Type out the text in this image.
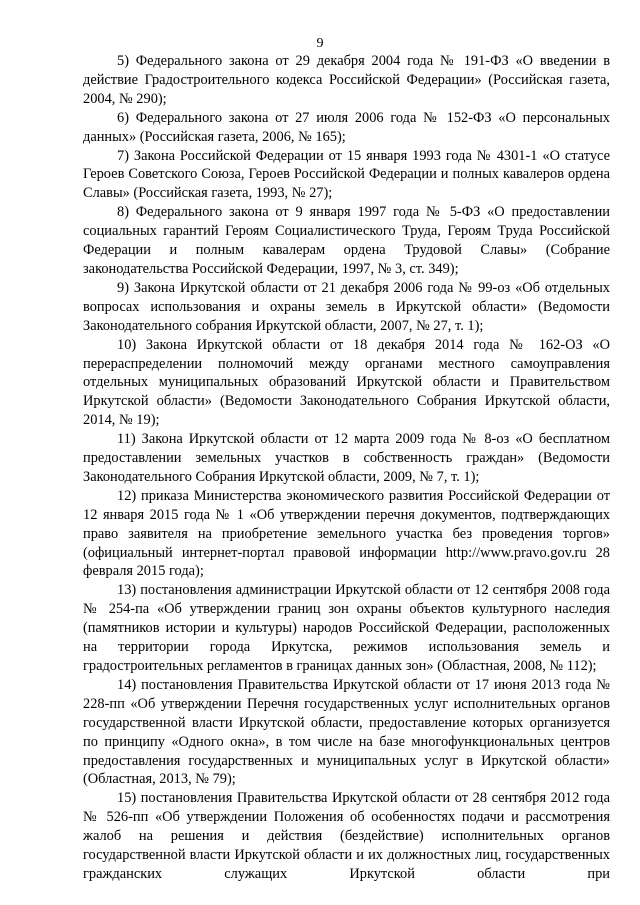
9

5) Федерального закона от 29 декабря 2004 года № 191-ФЗ «О введении в действие Градостроительного кодекса Российской Федерации» (Российская газета, 2004, № 290);

6) Федерального закона от 27 июля 2006 года № 152-ФЗ «О персональных данных» (Российская газета, 2006, № 165);

7) Закона Российской Федерации от 15 января 1993 года № 4301-1 «О статусе Героев Советского Союза, Героев Российской Федерации и полных кавалеров ордена Славы» (Российская газета, 1993, № 27);

8) Федерального закона от 9 января 1997 года № 5-ФЗ «О предоставлении социальных гарантий Героям Социалистического Труда, Героям Труда Российской Федерации и полным кавалерам ордена Трудовой Славы» (Собрание законодательства Российской Федерации, 1997, № 3, ст. 349);

9) Закона Иркутской области от 21 декабря 2006 года № 99-оз «Об отдельных вопросах использования и охраны земель в Иркутской области» (Ведомости Законодательного собрания Иркутской области, 2007, № 27, т. 1);

10) Закона Иркутской области от 18 декабря 2014 года № 162-ОЗ «О перераспределении полномочий между органами местного самоуправления отдельных муниципальных образований Иркутской области и Правительством Иркутской области» (Ведомости Законодательного Собрания Иркутской области, 2014, № 19);

11) Закона Иркутской области от 12 марта 2009 года № 8-оз «О бесплатном предоставлении земельных участков в собственность граждан» (Ведомости Законодательного Собрания Иркутской области, 2009, № 7, т. 1);

12) приказа Министерства экономического развития Российской Федерации от 12 января 2015 года № 1 «Об утверждении перечня документов, подтверждающих право заявителя на приобретение земельного участка без проведения торгов» (официальный интернет-портал правовой информации http://www.pravo.gov.ru 28 февраля 2015 года);

13) постановления администрации Иркутской области от 12 сентября 2008 года № 254-па «Об утверждении границ зон охраны объектов культурного наследия (памятников истории и культуры) народов Российской Федерации, расположенных на территории города Иркутска, режимов использования земель и градостроительных регламентов в границах данных зон» (Областная, 2008, № 112);

14) постановления Правительства Иркутской области от 17 июня 2013 года № 228-пп «Об утверждении Перечня государственных услуг исполнительных органов государственной власти Иркутской области, предоставление которых организуется по принципу «Одного окна», в том числе на базе многофункциональных центров предоставления государственных и муниципальных услуг в Иркутской области» (Областная, 2013, № 79);

15) постановления Правительства Иркутской области от 28 сентября 2012 года № 526-пп «Об утверждении Положения об особенностях подачи и рассмотрения жалоб на решения и действия (бездействие) исполнительных органов государственной власти Иркутской области и их должностных лиц, государственных гражданских служащих Иркутской области при
